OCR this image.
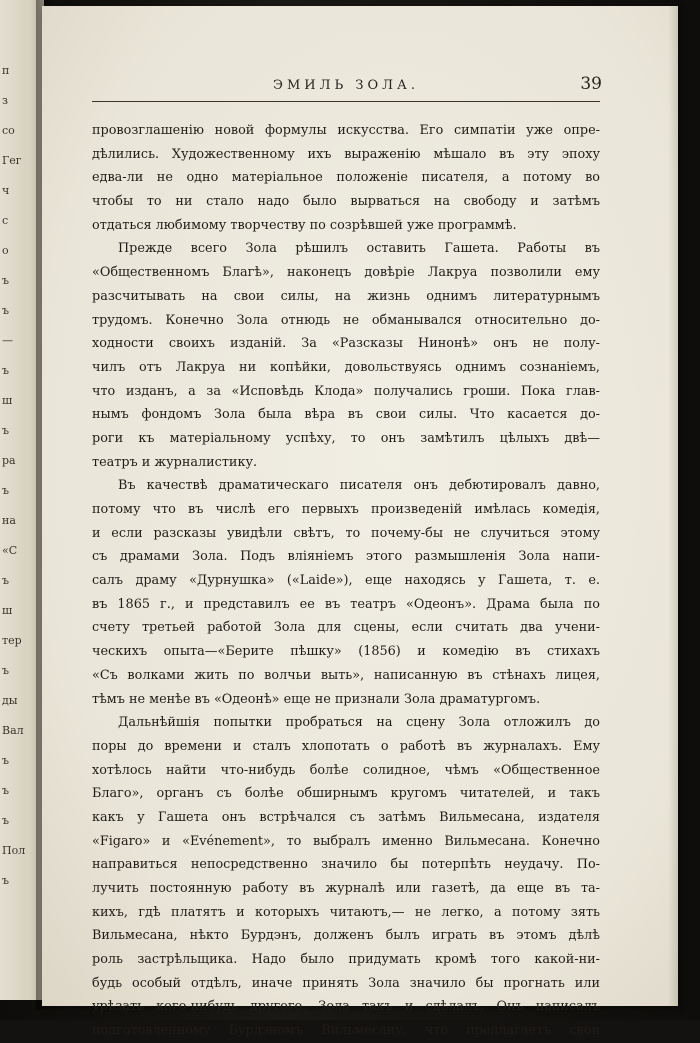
п
з
со
Гег
ч
с
о
ъ
ъ
—
ъ
ш
ъ
ра
ъ
на
«С
ъ
ш
тер
ъ
ды
Вал
ъ
ъ
ъ
Пол
ъ
ЭМИЛЬ ЗОЛА.	39
провозглашенію новой формулы искусства. Его симпатіи уже опре-
дѣлились. Художественному ихъ выраженію мѣшало въ эту эпоху
едва-ли не одно матеріальное положеніе писателя, а потому во
чтобы то ни стало надо было вырваться на свободу и затѣмъ
отдаться любимому творчеству по созрѣвшей уже программѣ.
Прежде всего Зола рѣшилъ оставить Гашета. Работы въ
«Общественномъ Благѣ», наконецъ довѣріе Лакруа позволили ему
разсчитывать на свои силы, на жизнь однимъ литературнымъ
трудомъ. Конечно Зола отнюдь не обманывался относительно до-
ходности своихъ изданій. За «Разсказы Нинонѣ» онъ не полу-
чилъ отъ Лакруа ни копѣйки, довольствуясь однимъ сознаніемъ,
что изданъ, а за «Исповѣдь Клода» получались гроши. Пока глав-
нымъ фондомъ Зола была вѣра въ свои силы. Что касается до-
роги къ матеріальному успѣху, то онъ замѣтилъ цѣлыхъ двѣ—
театръ и журналистику.
Въ качествѣ драматическаго писателя онъ дебютировалъ давно,
потому что въ числѣ его первыхъ произведеній имѣлась комедія,
и если разсказы увидѣли свѣтъ, то почему-бы не случиться этому
съ драмами Зола. Подъ вліяніемъ этого размышленія Зола напи-
салъ драму «Дурнушка» («Laide»), еще находясь у Гашета, т. е.
въ 1865 г., и представилъ ее въ театръ «Одеонъ». Драма была по
счету третьей работой Зола для сцены, если считать два учени-
ческихъ опыта—«Берите пѣшку» (1856) и комедію въ стихахъ
«Съ волками жить по волчьи выть», написанную въ стѣнахъ лицея,
тѣмъ не менѣе въ «Одеонѣ» еще не признали Зола драматургомъ.
Дальнѣйшія попытки пробраться на сцену Зола отложилъ до
поры до времени и сталъ хлопотать о работѣ въ журналахъ. Ему
хотѣлось найти что-нибудь болѣе солидное, чѣмъ «Общественное
Благо», органъ съ болѣе обширнымъ кругомъ читателей, и такъ
какъ у Гашета онъ встрѣчался съ затѣмъ Вильмесана, издателя
«Figaro» и «Evénement», то выбралъ именно Вильмесана. Конечно
направиться непосредственно значило бы потерпѣть неудачу. По-
лучить постоянную работу въ журналѣ или газетѣ, да еще въ та-
кихъ, гдѣ платятъ и которыхъ читаютъ,— не легко, а потому зять
Вильмесана, нѣкто Бурдэнъ, долженъ былъ играть въ этомъ дѣлѣ
роль застрѣльщика. Надо было придумать кромѣ того какой-ни-
будь особый отдѣлъ, иначе принять Зола значило бы прогнать или
урѣзать кого-нибудь другого. Зола такъ и сдѣлалъ. Онъ написалъ
подготовленному Бурдэномъ Вильмесану, что предлагаетъ свои
